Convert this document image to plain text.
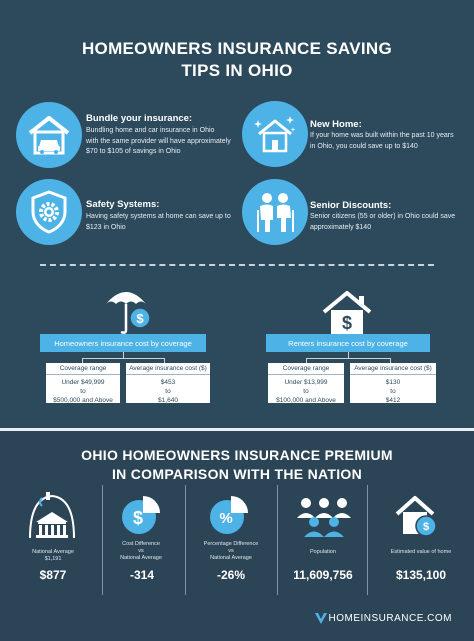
HOMEOWNERS INSURANCE SAVING
TIPS IN OHIO
Bundle your insurance:
Bundling home and car insurance in Ohio
with the same provider will have approximately
$70 to $105 of savings in Ohio
New Home:
If your home was built within the past 10 years
in Ohio, you could save up to $140
Safety Systems:
Having safety systems at home can save up to
$123 in Ohio
Senior Discounts:
Senior citizens (55 or older) in Ohio could save
approximately $140
$
Homeowners insurance cost by coverage
Coverage range
Under $49,999
to
$500,000 and Above
Average insurance cost ($)
$453
to
$1,640
$
Renters insurance cost by coverage
Coverage range
Under $13,999
to
$100,000 and Above
Average insurance cost ($)
$130
to
$412
OHIO HOMEOWNERS INSURANCE PREMIUM
IN COMPARISON WITH THE NATION
National Average
$1,191
$877
$
Cost Difference
vs
National Average
-314
%
Percentage Difference
vs
National Average
-26%
Population
11,609,756
$
Estimated value of home
$135,100
HOMEINSURANCE.COM
